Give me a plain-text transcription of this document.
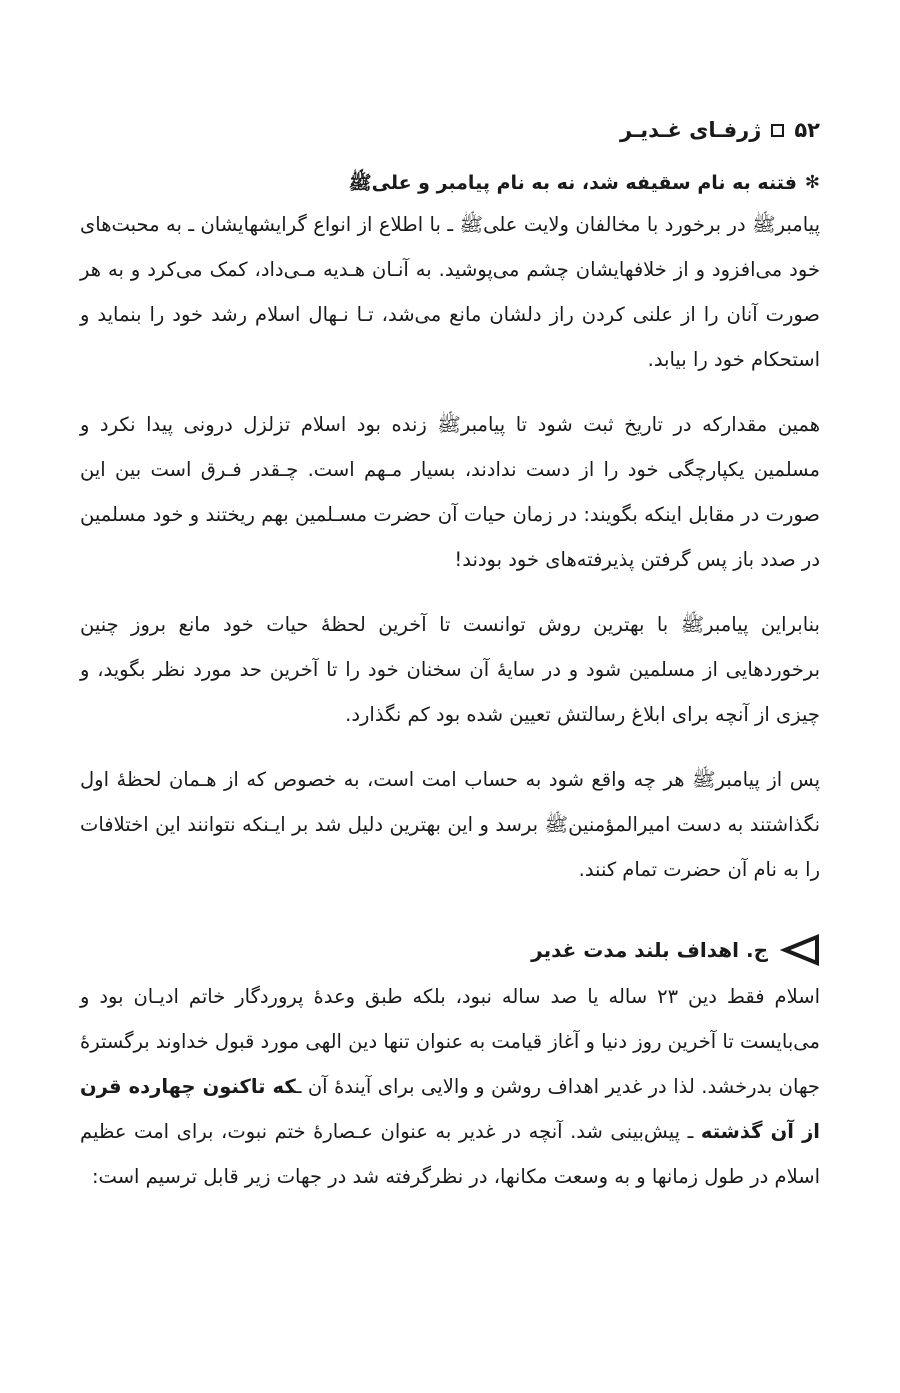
۵۲
ژرفـای غـدیـر
✻
فتنه به نام سقیفه شد، نه به نام پیامبر و علیﷺ

پیامبرﷺ در برخورد با مخالفان ولایت علیﷺ ـ با اطلاع از انواع گرایشهایشان ـ به محبت‌های خود می‌افزود و از خلافهایشان چشم می‌پوشید. به آنـان هـدیه مـی‌داد، کمک می‌کرد و به هر صورت آنان را از علنی کردن راز دلشان مانع می‌شد، تـا نـهال اسلام رشد خود را بنماید و استحکام خود را بیابد.

همین مقدارکه در تاریخ ثبت شود تا پیامبرﷺ زنده بود اسلام تزلزل درونی پیدا نکرد و مسلمین یکپارچگی خود را از دست ندادند، بسیار مـهم است. چـقدر فـرق است بین این صورت در مقابل اینکه بگویند: در زمان حیات آن حضرت مسـلمین بهم ریختند و خود مسلمین در صدد باز پس گرفتن پذیرفته‌های خود بودند!

بنابراین پیامبرﷺ با بهترین روش توانست تا آخرین لحظهٔ حیات خود مانع بروز چنین برخوردهایی از مسلمین شود و در سایهٔ آن سخنان خود را تا آخرین حد مورد نظر بگوید، و چیزی از آنچه برای ابلاغ رسالتش تعیین شده بود کم نگذارد.

پس از پیامبرﷺ هر چه واقع شود به حساب امت است، به خصوص که از هـمان لحظهٔ اول نگذاشتند به دست امیرالمؤمنینﷺ برسد و این بهترین دلیل شد بر ایـنکه نتوانند این اختلافات را به نام آن حضرت تمام کنند.

ج. اهداف بلند مدت غدیر

اسلام فقط دین ۲۳ ساله یا صد ساله نبود، بلکه طبق وعدهٔ پروردگار خاتم ادیـان بود و می‌بایست تا آخرین روز دنیا و آغاز قیامت به عنوان تنها دین الهی مورد قبول خداوند برگسترهٔ جهان بدرخشد. لذا در غدیر اهداف روشن و والایی برای آیندهٔ آن ـکه تاکنون چهارده قرن از آن گذشته ـ پیش‌بینی شد. آنچه در غدیر به عنوان عـصارهٔ ختم نبوت، برای امت عظیم اسلام در طول زمانها و به وسعت مکانها، در نظرگرفته شد در جهات زیر قابل ترسیم است:
